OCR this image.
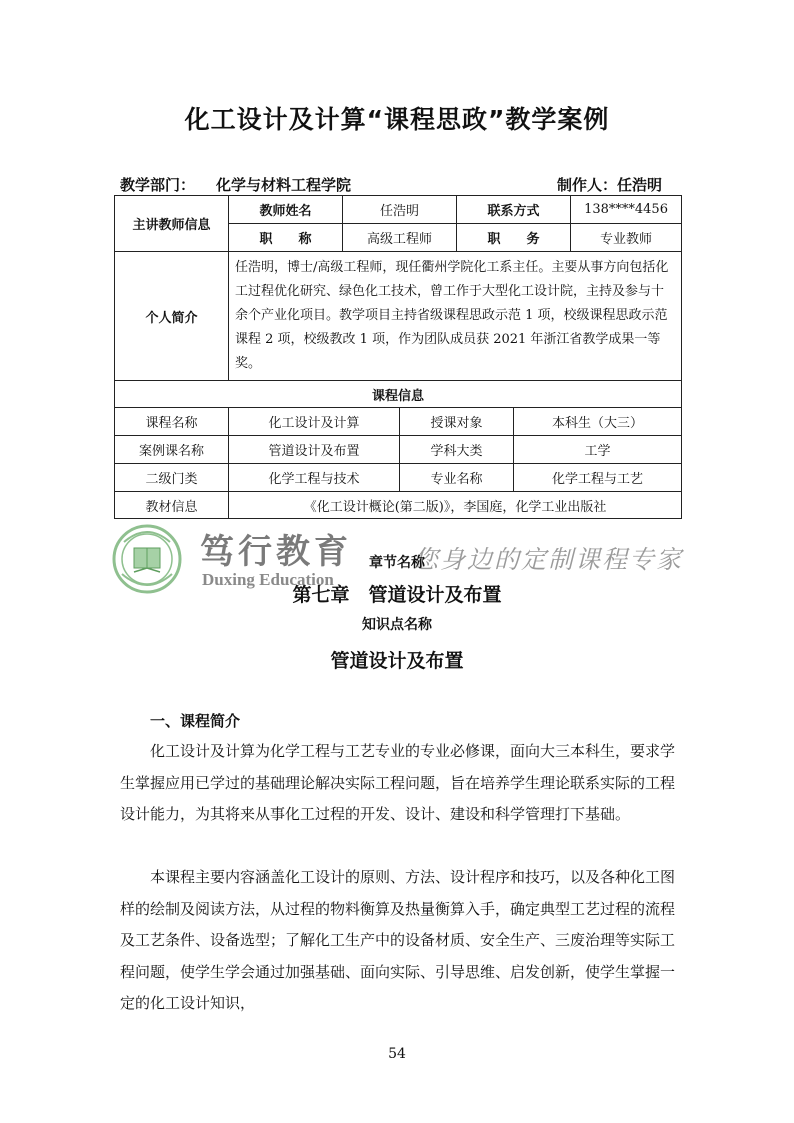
化工设计及计算“课程思政”教学案例
教学部门： 化学与材料工程学院	制作人：任浩明
主讲教师信息	教师姓名	任浩明		联系方式		138****4456
	职　　称	高级工程师		职　　务		专业教师
个人简介	任浩明，博士/高级工程师，现任衢州学院化工系主任。主要从事方向包括化工过程优化研究、绿色化工技术，曾工作于大型化工设计院，主持及参与十余个产业化项目。教学项目主持省级课程思政示范 1 项，校级课程思政示范课程 2 项，校级教改 1 项，作为团队成员获 2021 年浙江省教学成果一等奖。					
课程信息						
课程名称	化工设计及计算		授课对象		本科生（大三）	
案例课名称	管道设计及布置		学科大类		工学	
二级门类	化学工程与技术		专业名称		化学工程与工艺	
教材信息	《化工设计概论(第二版)》，李国庭，化学工业出版社					
笃行教育
Duxing Education
您身边的定制课程专家
章节名称
第七章　管道设计及布置
知识点名称
管道设计及布置
一、课程简介
化工设计及计算为化学工程与工艺专业的专业必修课，面向大三本科生，要求学生掌握应用已学过的基础理论解决实际工程问题，旨在培养学生理论联系实际的工程设计能力，为其将来从事化工过程的开发、设计、建设和科学管理打下基础。
本课程主要内容涵盖化工设计的原则、方法、设计程序和技巧，以及各种化工图样的绘制及阅读方法，从过程的物料衡算及热量衡算入手，确定典型工艺过程的流程及工艺条件、设备选型；了解化工生产中的设备材质、安全生产、三废治理等实际工程问题，使学生学会通过加强基础、面向实际、引导思维、启发创新，使学生掌握一定的化工设计知识，
54
